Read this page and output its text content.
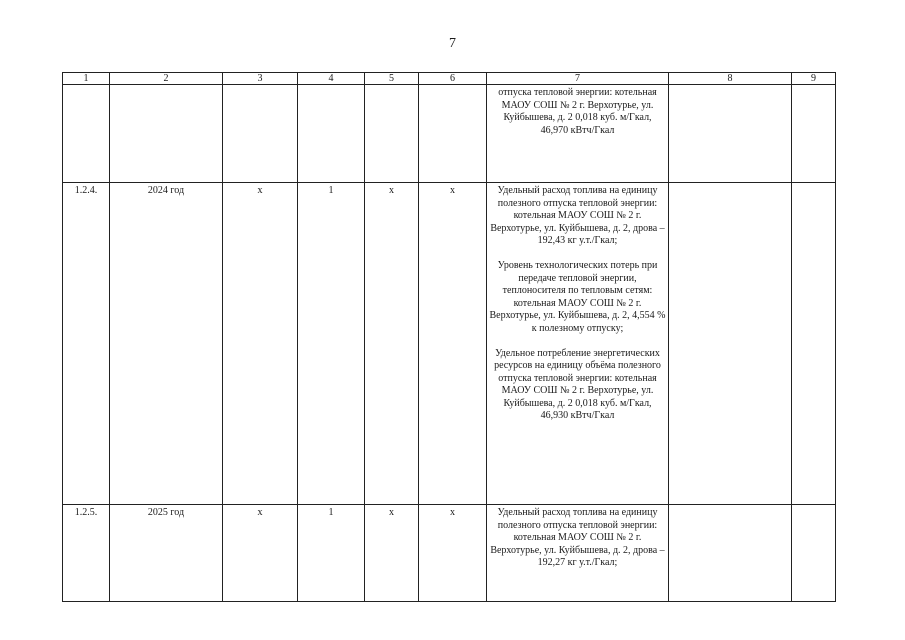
7
1	2	3	4	5	6	7	8	9

						отпуска тепловой энергии: котельная МАОУ СОШ № 2 г. Верхотурье, ул. Куйбышева, д. 2 0,018 куб. м/Гкал, 46,970 кВтч/Гкал		

1.2.4.	2024 год	х	1	х	х	Удельный расход топлива на единицу полезного отпуска тепловой энергии: котельная МАОУ СОШ № 2 г. Верхотурье, ул. Куйбышева, д. 2, дрова – 192,43 кг у.т./Гкал;
Уровень технологических потерь при передаче тепловой энергии, теплоносителя по тепловым сетям: котельная МАОУ СОШ № 2 г. Верхотурье, ул. Куйбышева, д. 2, 4,554 % к полезному отпуску;
Удельное потребление энергетических ресурсов на единицу объёма полезного отпуска тепловой энергии: котельная МАОУ СОШ № 2 г. Верхотурье, ул. Куйбышева, д. 2 0,018 куб. м/Гкал, 46,930 кВтч/Гкал		

1.2.5.	2025 год	х	1	х	х	Удельный расход топлива на единицу полезного отпуска тепловой энергии: котельная МАОУ СОШ № 2 г. Верхотурье, ул. Куйбышева, д. 2, дрова – 192,27 кг у.т./Гкал;		
